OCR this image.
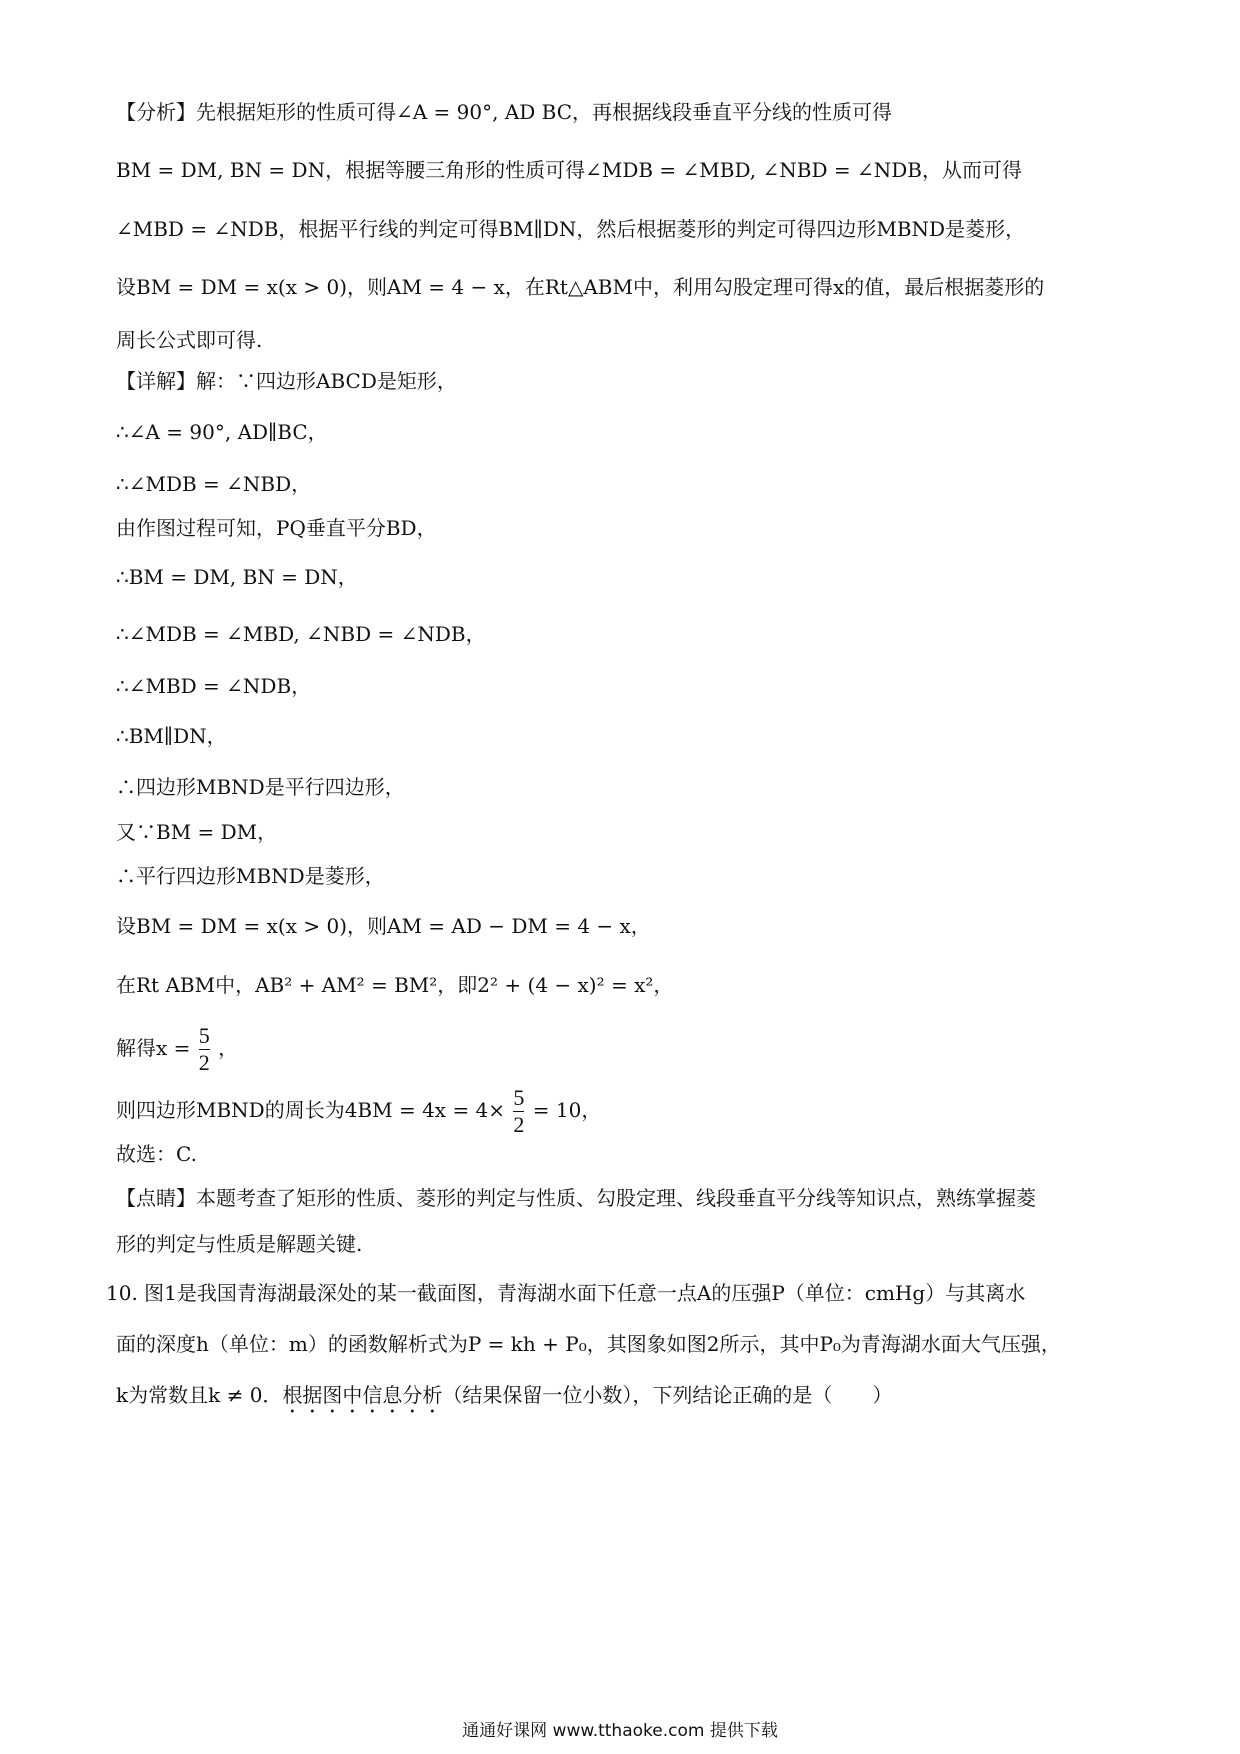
【分析】先根据矩形的性质可得∠A = 90°, AD BC，再根据线段垂直平分线的性质可得
BM = DM, BN = DN，根据等腰三角形的性质可得∠MDB = ∠MBD, ∠NBD = ∠NDB，从而可得
∠MBD = ∠NDB，根据平行线的判定可得BM∥DN，然后根据菱形的判定可得四边形MBND是菱形，
设BM = DM = x(x > 0)，则AM = 4 − x，在Rt△ABM中，利用勾股定理可得x的值，最后根据菱形的
周长公式即可得.
【详解】解：∵四边形ABCD是矩形，
∴∠A = 90°, AD∥BC，
∴∠MDB = ∠NBD，
由作图过程可知，PQ垂直平分BD，
∴BM = DM, BN = DN，
∴∠MDB = ∠MBD, ∠NBD = ∠NDB，
∴∠MBD = ∠NDB，
∴BM∥DN，
∴四边形MBND是平行四边形，
又∵BM = DM，
∴平行四边形MBND是菱形，
设BM = DM = x(x > 0)，则AM = AD − DM = 4 − x，
在Rt ABM中，AB² + AM² = BM²，即2² + (4 − x)² = x²，
解得$x = \frac{5}{2}$ ，
则四边形MBND的周长为$4BM = 4x = 4\times \frac{5}{2} = 10$，
故选：C.
【点睛】本题考查了矩形的性质、菱形的判定与性质、勾股定理、线段垂直平分线等知识点，熟练掌握菱
形的判定与性质是解题关键.
10. 图1是我国青海湖最深处的某一截面图，青海湖水面下任意一点A的压强P（单位：cmHg）与其离水
面的深度h（单位：m）的函数解析式为P = kh + P₀，其图象如图2所示，其中P₀为青海湖水面大气压强，
k为常数且k ≠ 0．根据图中信息分析（结果保留一位小数），下列结论正确的是（　　）
通通好课网 www.tthaoke.com 提供下载
